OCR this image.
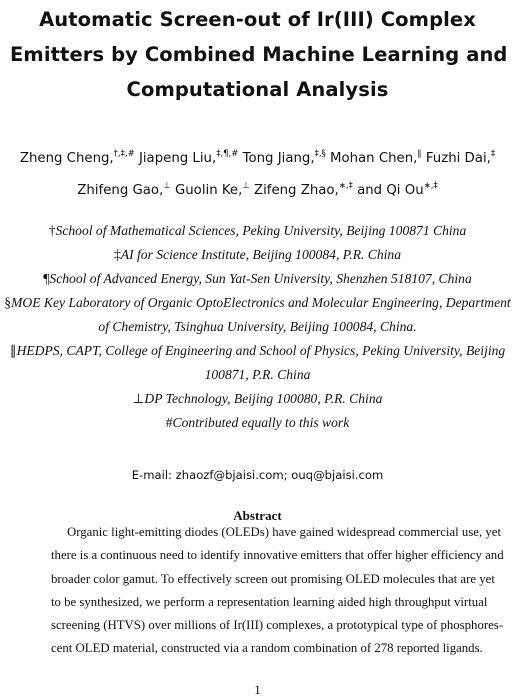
Automatic Screen-out of Ir(III) Complex
Emitters by Combined Machine Learning and
Computational Analysis
Zheng Cheng,†,‡,# Jiapeng Liu,‡,¶,# Tong Jiang,‡,§ Mohan Chen,∥ Fuzhi Dai,‡
Zhifeng Gao,⊥ Guolin Ke,⊥ Zifeng Zhao,∗,‡ and Qi Ou∗,‡
†School of Mathematical Sciences, Peking University, Beijing 100871 China
‡AI for Science Institute, Beijing 100084, P.R. China
¶School of Advanced Energy, Sun Yat-Sen University, Shenzhen 518107, China
§MOE Key Laboratory of Organic OptoElectronics and Molecular Engineering, Department
of Chemistry, Tsinghua University, Beijing 100084, China.
∥HEDPS, CAPT, College of Engineering and School of Physics, Peking University, Beijing
100871, P.R. China
⊥DP Technology, Beijing 100080, P.R. China
#Contributed equally to this work
E-mail: zhaozf@bjaisi.com; ouq@bjaisi.com
Abstract
Organic light-emitting diodes (OLEDs) have gained widespread commercial use, yet
there is a continuous need to identify innovative emitters that offer higher efficiency and
broader color gamut. To effectively screen out promising OLED molecules that are yet
to be synthesized, we perform a representation learning aided high throughput virtual
screening (HTVS) over millions of Ir(III) complexes, a prototypical type of phosphores-
cent OLED material, constructed via a random combination of 278 reported ligands.
1
